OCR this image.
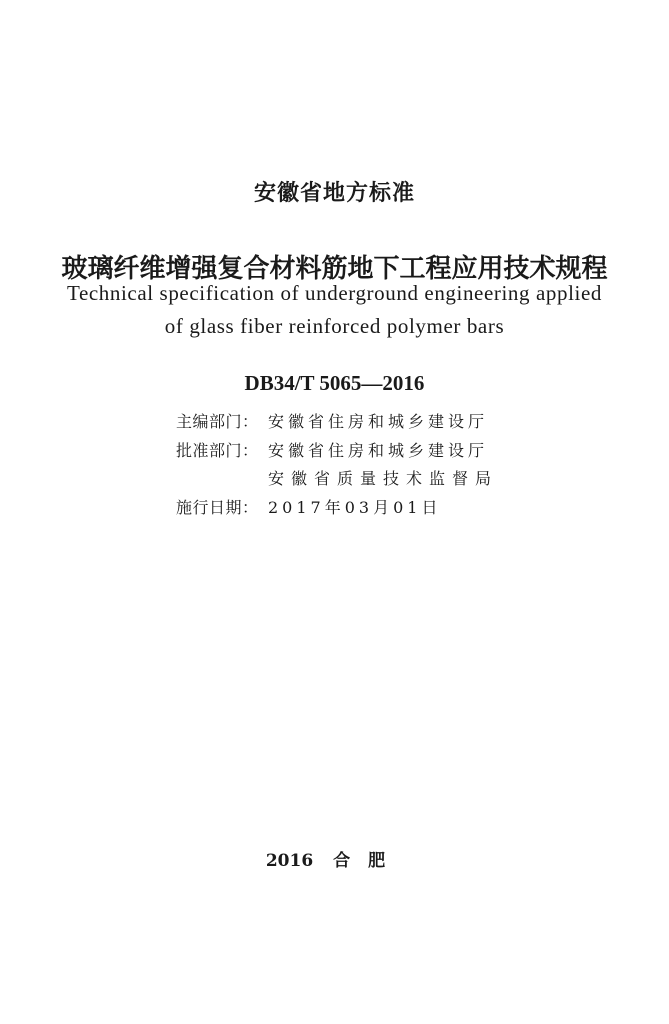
安徽省地方标准
玻璃纤维增强复合材料筋地下工程应用技术规程
Technical specification of underground engineering applied
of glass fiber reinforced polymer bars
DB34/T 5065—2016
主编部门： 安徽省住房和城乡建设厅
批准部门： 安徽省住房和城乡建设厅
安徽省质量技术监督局
施行日期： 2017年03月01日
2016 合肥
